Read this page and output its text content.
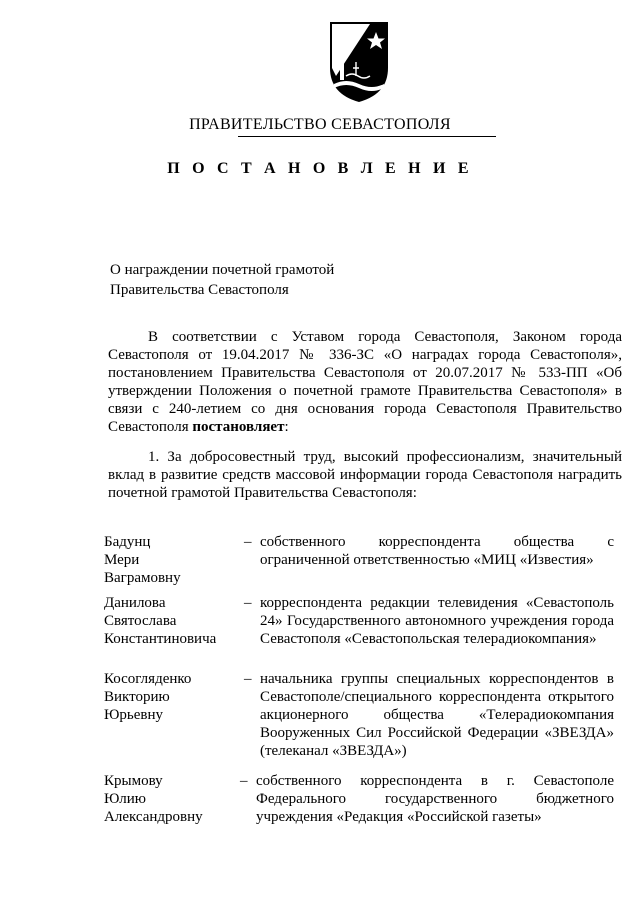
ПРАВИТЕЛЬСТВО СЕВАСТОПОЛЯ
П О С Т А Н О В Л Е Н И Е
О награждении почетной грамотой
Правительства Севастополя
В соответствии с Уставом города Севастополя, Законом города Севастополя от 19.04.2017 № 336-ЗС «О наградах города Севастополя», постановлением Правительства Севастополя от 20.07.2017 № 533-ПП «Об утверждении Положения о почетной грамоте Правительства Севастополя» в связи с 240-летием со дня основания города Севастополя Правительство Севастополя постановляет:
1. За добросовестный труд, высокий профессионализм, значительный вклад в развитие средств массовой информации города Севастополя наградить почетной грамотой Правительства Севастополя:
Бадунц
Мери
Ваграмовну
– собственного корреспондента общества с ограниченной ответственностью «МИЦ «Известия»
Данилова
Святослава
Константиновича
– корреспондента редакции телевидения «Севастополь 24» Государственного автономного учреждения города Севастополя «Севастопольская телерадиокомпания»
Косогляденко
Викторию
Юрьевну
– начальника группы специальных корреспондентов в Севастополе/специального корреспондента открытого акционерного общества «Телерадиокомпания Вооруженных Сил Российской Федерации «ЗВЕЗДА» (телеканал «ЗВЕЗДА»)
Крымову
Юлию
Александровну
– собственного корреспондента в г. Севастополе Федерального государственного бюджетного учреждения «Редакция «Российской газеты»
